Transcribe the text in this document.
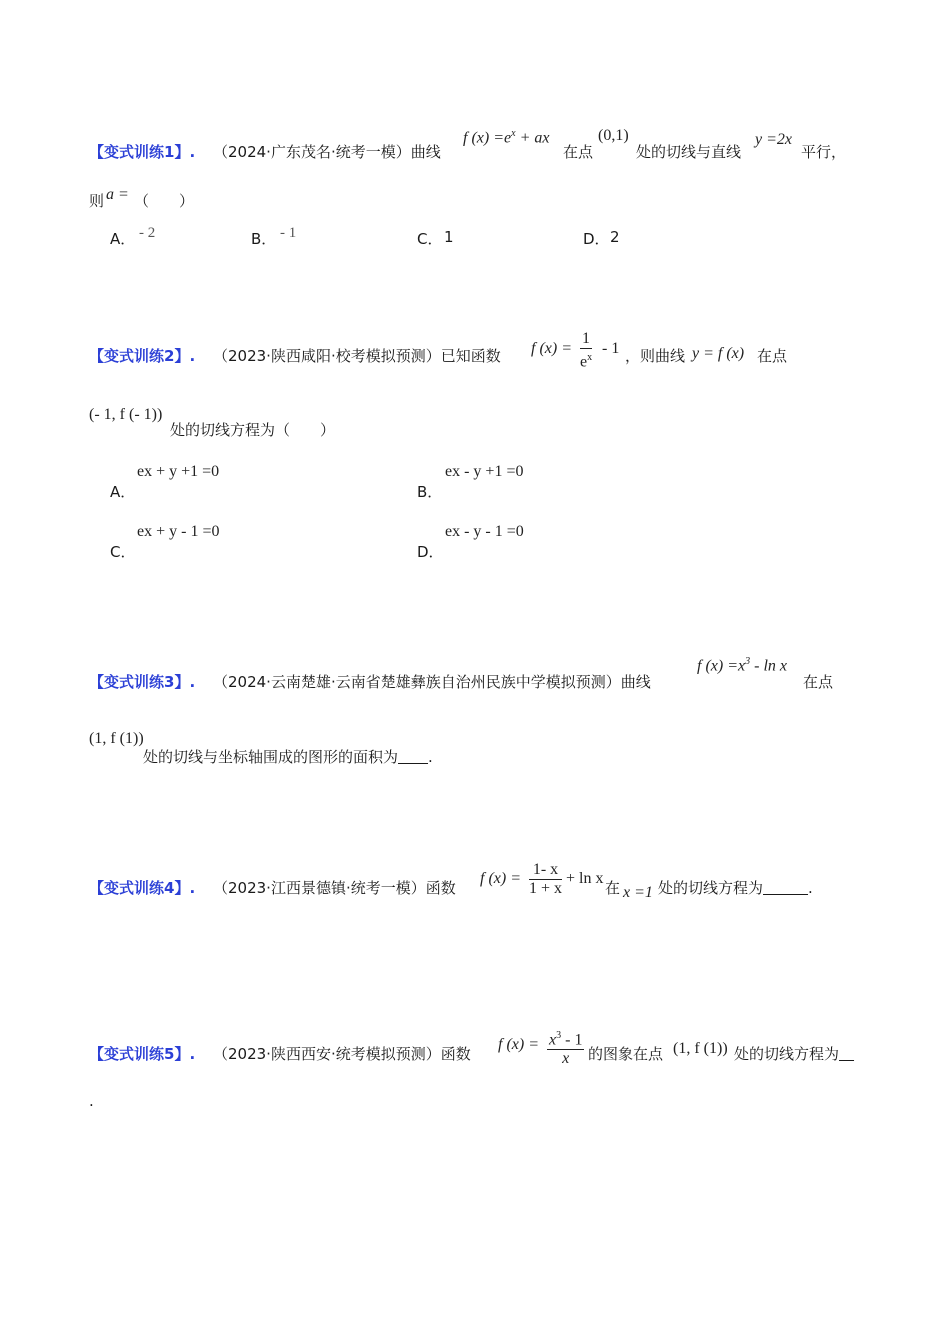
【变式训练1】. （2024·广东茂名·统考一模）曲线
f $(x) =e^x$ + ax
在点
(0,1)
处的切线与直线
y =2x
平行，
则 a = （　　）
A． - 2	B． - 1	C． 1	D． 2
【变式训练2】. （2023·陕西咸阳·校考模拟预测）已知函数 f $(x) = \frac{1}{e^x} - 1$ ，则曲线 y = f (x) 在点
(- 1, f (- 1))
处的切线方程为（　　）
A．
ex + y +1 =0
B．
ex - y +1 =0
C．
ex + y - 1 =0
D．
ex - y - 1 =0
【变式训练3】. （2024·云南楚雄·云南省楚雄彝族自治州民族中学模拟预测）曲线
f $(x) =x^3 - \ln x$
在点
(1, f (1))
处的切线与坐标轴围成的图形的面积为　　 .
【变式训练4】. （2023·江西景德镇·统考一模）函数
f $(x) = \frac{1- x}{1 + x} + \ln x$
在 x =1 处的切线方程为　　　	.
【变式训练5】. （2023·陕西西安·统考模拟预测）函数
f $(x) = \frac{x^3 - 1}{x}$ 的图象在点 (1, f (1)) 处的切线方程为　
.
